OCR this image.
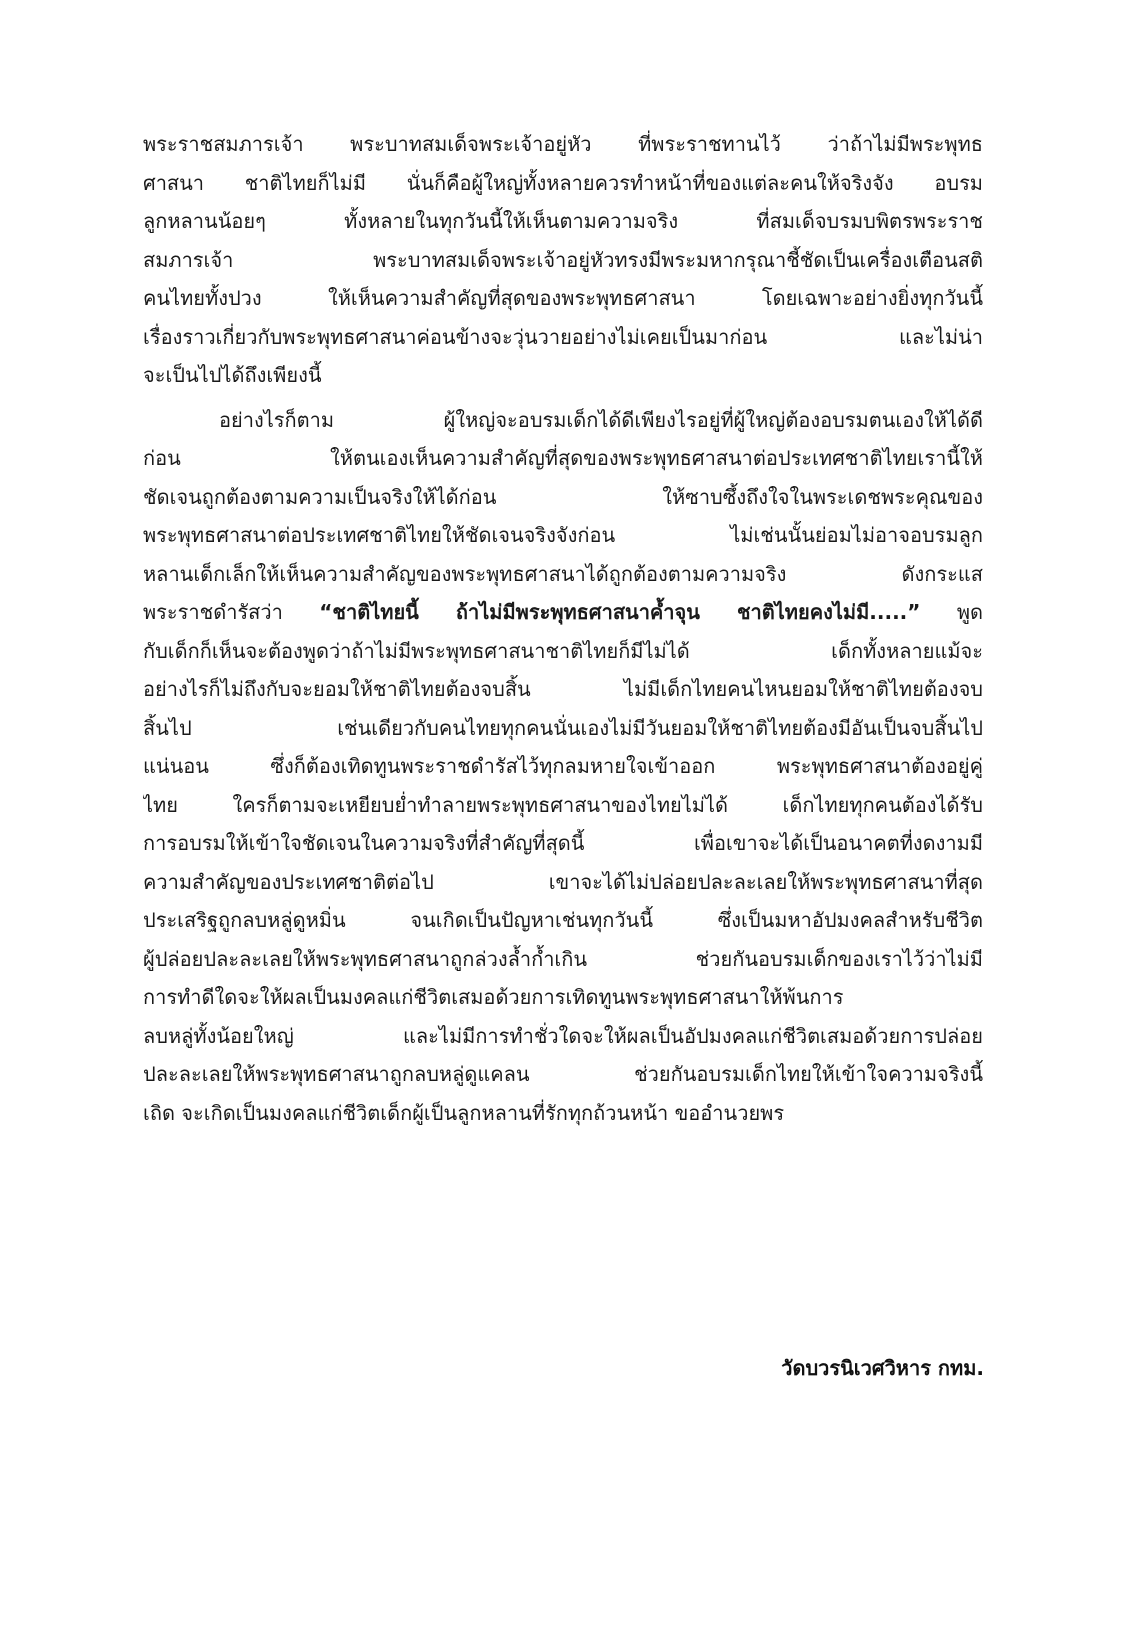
พระราชสมภารเจ้า พระบาทสมเด็จพระเจ้าอยู่หัว ที่พระราชทานไว้ ว่าถ้าไม่มีพระพุทธ
ศาสนา ชาติไทยก็ไม่มี นั่นก็คือผู้ใหญ่ทั้งหลายควรทำหน้าที่ของแต่ละคนให้จริงจัง อบรม
ลูกหลานน้อยๆ ทั้งหลายในทุกวันนี้ให้เห็นตามความจริง ที่สมเด็จบรมบพิตรพระราช
สมภารเจ้า พระบาทสมเด็จพระเจ้าอยู่หัวทรงมีพระมหากรุณาชี้ชัดเป็นเครื่องเตือนสติ
คนไทยทั้งปวง ให้เห็นความสำคัญที่สุดของพระพุทธศาสนา โดยเฉพาะอย่างยิ่งทุกวันนี้
เรื่องราวเกี่ยวกับพระพุทธศาสนาค่อนข้างจะวุ่นวายอย่างไม่เคยเป็นมาก่อน และไม่น่า
จะเป็นไปได้ถึงเพียงนี้
อย่างไรก็ตาม ผู้ใหญ่จะอบรมเด็กได้ดีเพียงไรอยู่ที่ผู้ใหญ่ต้องอบรมตนเองให้ได้ดี
ก่อน ให้ตนเองเห็นความสำคัญที่สุดของพระพุทธศาสนาต่อประเทศชาติไทยเรานี้ให้
ชัดเจนถูกต้องตามความเป็นจริงให้ได้ก่อน ให้ซาบซึ้งถึงใจในพระเดชพระคุณของ
พระพุทธศาสนาต่อประเทศชาติไทยให้ชัดเจนจริงจังก่อน ไม่เช่นนั้นย่อมไม่อาจอบรมลูก
หลานเด็กเล็กให้เห็นความสำคัญของพระพุทธศาสนาได้ถูกต้องตามความจริง ดังกระแส
พระราชดำรัสว่า “ชาติไทยนี้ ถ้าไม่มีพระพุทธศาสนาค้ำจุน ชาติไทยคงไม่มี.....” พูด
กับเด็กก็เห็นจะต้องพูดว่าถ้าไม่มีพระพุทธศาสนาชาติไทยก็มีไม่ได้ เด็กทั้งหลายแม้จะ
อย่างไรก็ไม่ถึงกับจะยอมให้ชาติไทยต้องจบสิ้น ไม่มีเด็กไทยคนไหนยอมให้ชาติไทยต้องจบ
สิ้นไป เช่นเดียวกับคนไทยทุกคนนั่นเองไม่มีวันยอมให้ชาติไทยต้องมีอันเป็นจบสิ้นไป
แน่นอน ซึ่งก็ต้องเทิดทูนพระราชดำรัสไว้ทุกลมหายใจเข้าออก พระพุทธศาสนาต้องอยู่คู่
ไทย ใครก็ตามจะเหยียบย่ำทำลายพระพุทธศาสนาของไทยไม่ได้ เด็กไทยทุกคนต้องได้รับ
การอบรมให้เข้าใจชัดเจนในความจริงที่สำคัญที่สุดนี้ เพื่อเขาจะได้เป็นอนาคตที่งดงามมี
ความสำคัญของประเทศชาติต่อไป เขาจะได้ไม่ปล่อยปละละเลยให้พระพุทธศาสนาที่สุด
ประเสริฐถูกลบหลู่ดูหมิ่น จนเกิดเป็นปัญหาเช่นทุกวันนี้ ซึ่งเป็นมหาอัปมงคลสำหรับชีวิต
ผู้ปล่อยปละละเลยให้พระพุทธศาสนาถูกล่วงล้ำก้ำเกิน ช่วยกันอบรมเด็กของเราไว้ว่าไม่มี
การทำดีใดจะให้ผลเป็นมงคลแก่ชีวิตเสมอด้วยการเทิดทูนพระพุทธศาสนาให้พ้นการ
ลบหลู่ทั้งน้อยใหญ่ และไม่มีการทำชั่วใดจะให้ผลเป็นอัปมงคลแก่ชีวิตเสมอด้วยการปล่อย
ปละละเลยให้พระพุทธศาสนาถูกลบหลู่ดูแคลน ช่วยกันอบรมเด็กไทยให้เข้าใจความจริงนี้
เถิด จะเกิดเป็นมงคลแก่ชีวิตเด็กผู้เป็นลูกหลานที่รักทุกถ้วนหน้า ขออำนวยพร
วัดบวรนิเวศวิหาร กทม.
